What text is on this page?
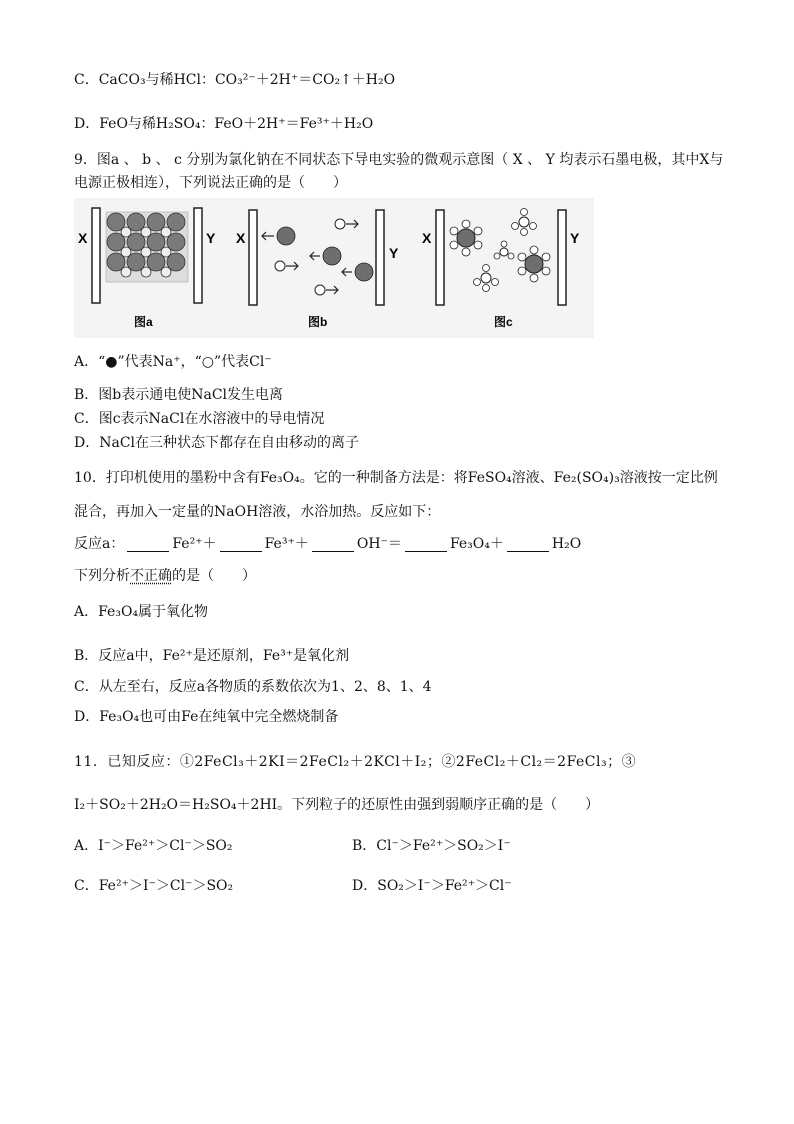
C．CaCO₃与稀HCl：CO₃²⁻＋2H⁺＝CO₂↑＋H₂O
D．FeO与稀H₂SO₄：FeO＋2H⁺＝Fe³⁺＋H₂O
9．图a 、 b 、 c 分别为氯化钠在不同状态下导电实验的微观示意图（ X 、 Y 均表示石墨电极，其中X与
电源正极相连），下列说法正确的是（　　）
X	Y
图a
X
Y
图b
X	Y
图c
A．“●”代表Na⁺，“○”代表Cl⁻
B．图b表示通电使NaCl发生电离
C．图c表示NaCl在水溶液中的导电情况
D．NaCl在三种状态下都存在自由移动的离子
10．打印机使用的墨粉中含有Fe₃O₄。它的一种制备方法是：将FeSO₄溶液、Fe₂(SO₄)₃溶液按一定比例
混合，再加入一定量的NaOH溶液，水浴加热。反应如下：
反应a：	Fe²⁺＋	Fe³⁺＋	OH⁻＝	Fe₃O₄＋	H₂O
下列分析不正确的是（　　）
A．Fe₃O₄属于氧化物
B．反应a中，Fe²⁺是还原剂，Fe³⁺是氧化剂
C．从左至右，反应a各物质的系数依次为1、2、8、1、4
D．Fe₃O₄也可由Fe在纯氧中完全燃烧制备
11．已知反应：①2FeCl₃＋2KI＝2FeCl₂＋2KCl＋I₂；②2FeCl₂＋Cl₂＝2FeCl₃；③
I₂＋SO₂＋2H₂O＝H₂SO₄＋2HI。下列粒子的还原性由强到弱顺序正确的是（　　）
A．I⁻＞Fe²⁺＞Cl⁻＞SO₂	B．Cl⁻＞Fe²⁺＞SO₂＞I⁻
C．Fe²⁺＞I⁻＞Cl⁻＞SO₂	D．SO₂＞I⁻＞Fe²⁺＞Cl⁻
